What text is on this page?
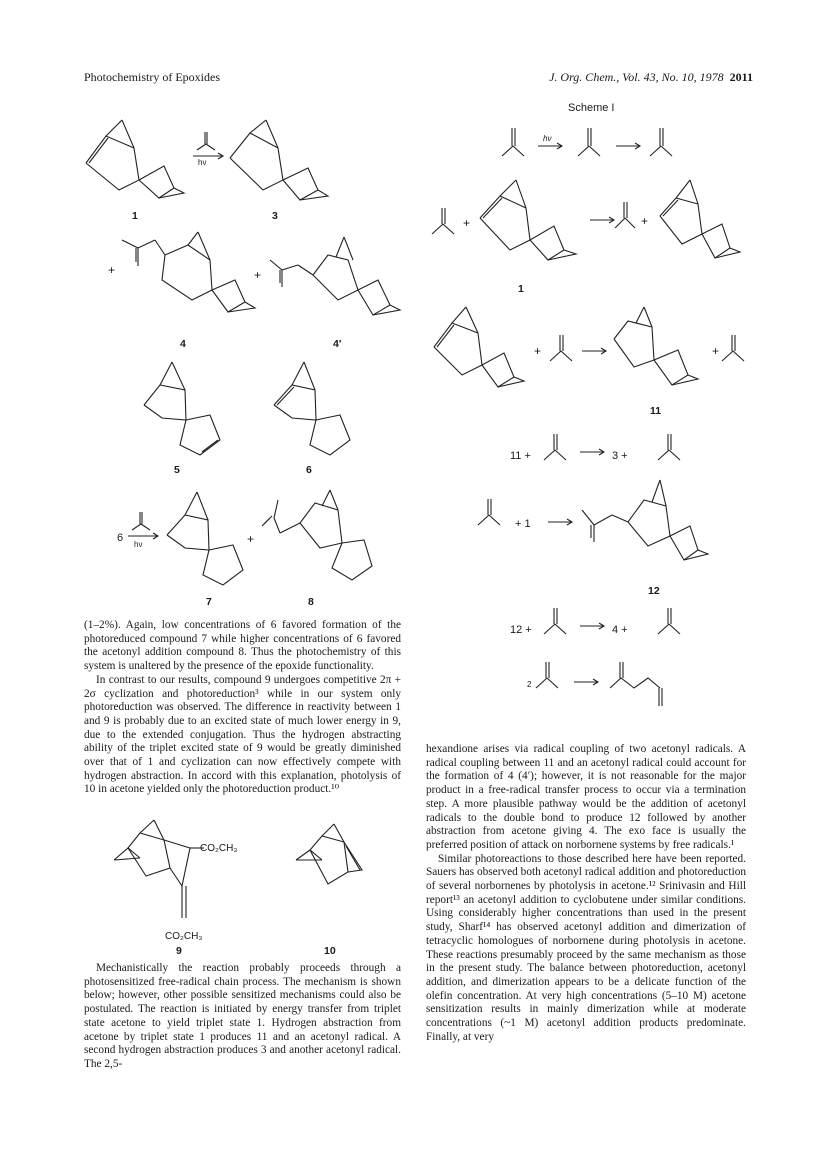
Photochemistry of Epoxides	J. Org. Chem., Vol. 43, No. 10, 1978 2011
1
hν
3
+
4
+
4′
5	6
6
hν
7
+
8

(1–2%). Again, low concentrations of 6 favored formation of the photoreduced compound 7 while higher concentrations of 6 favored the acetonyl addition compound 8. Thus the photochemistry of this system is unaltered by the presence of the epoxide functionality.

In contrast to our results, compound 9 undergoes competitive 2π + 2σ cyclization and photoreduction³ while in our system only photoreduction was observed. The difference in reactivity between 1 and 9 is probably due to an excited state of much lower energy in 9, due to the extended conjugation. Thus the hydrogen abstracting ability of the triplet excited state of 9 would be greatly diminished over that of 1 and cyclization can now effectively compete with hydrogen abstraction. In accord with this explanation, photolysis of 10 in acetone yielded only the photoreduction product.¹⁰

CO₂CH₃
CO₂CH₃
9	10

Mechanistically the reaction probably proceeds through a photosensitized free-radical chain process. The mechanism is shown below; however, other possible sensitized mechanisms could also be postulated. The reaction is initiated by energy transfer from triplet state acetone to yield triplet state 1. Hydrogen abstraction from acetone by triplet state 1 produces 11 and an acetonyl radical. A second hydrogen abstraction produces 3 and another acetonyl radical. The 2,5-

Scheme I
hν
+	+
1
+	+
11
11 +	3 +
+ 1
12
12 +	4 +
2

hexandione arises via radical coupling of two acetonyl radicals. A radical coupling between 11 and an acetonyl radical could account for the formation of 4 (4′); however, it is not reasonable for the major product in a free-radical transfer process to occur via a termination step. A more plausible pathway would be the addition of acetonyl radicals to the double bond to produce 12 followed by another abstraction from acetone giving 4. The exo face is usually the preferred position of attack on norbornene systems by free radicals.¹

Similar photoreactions to those described here have been reported. Sauers has observed both acetonyl radical addition and photoreduction of several norbornenes by photolysis in acetone.¹² Srinivasin and Hill report¹³ an acetonyl addition to cyclobutene under similar conditions. Using considerably higher concentrations than used in the present study, Sharf¹⁴ has observed acetonyl addition and dimerization of tetracyclic homologues of norbornene during photolysis in acetone. These reactions presumably proceed by the same mechanism as those in the present study. The balance between photoreduction, acetonyl addition, and dimerization appears to be a delicate function of the olefin concentration. At very high concentrations (5–10 M) acetone sensitization results in mainly dimerization while at moderate concentrations (~1 M) acetonyl addition products predominate. Finally, at very
